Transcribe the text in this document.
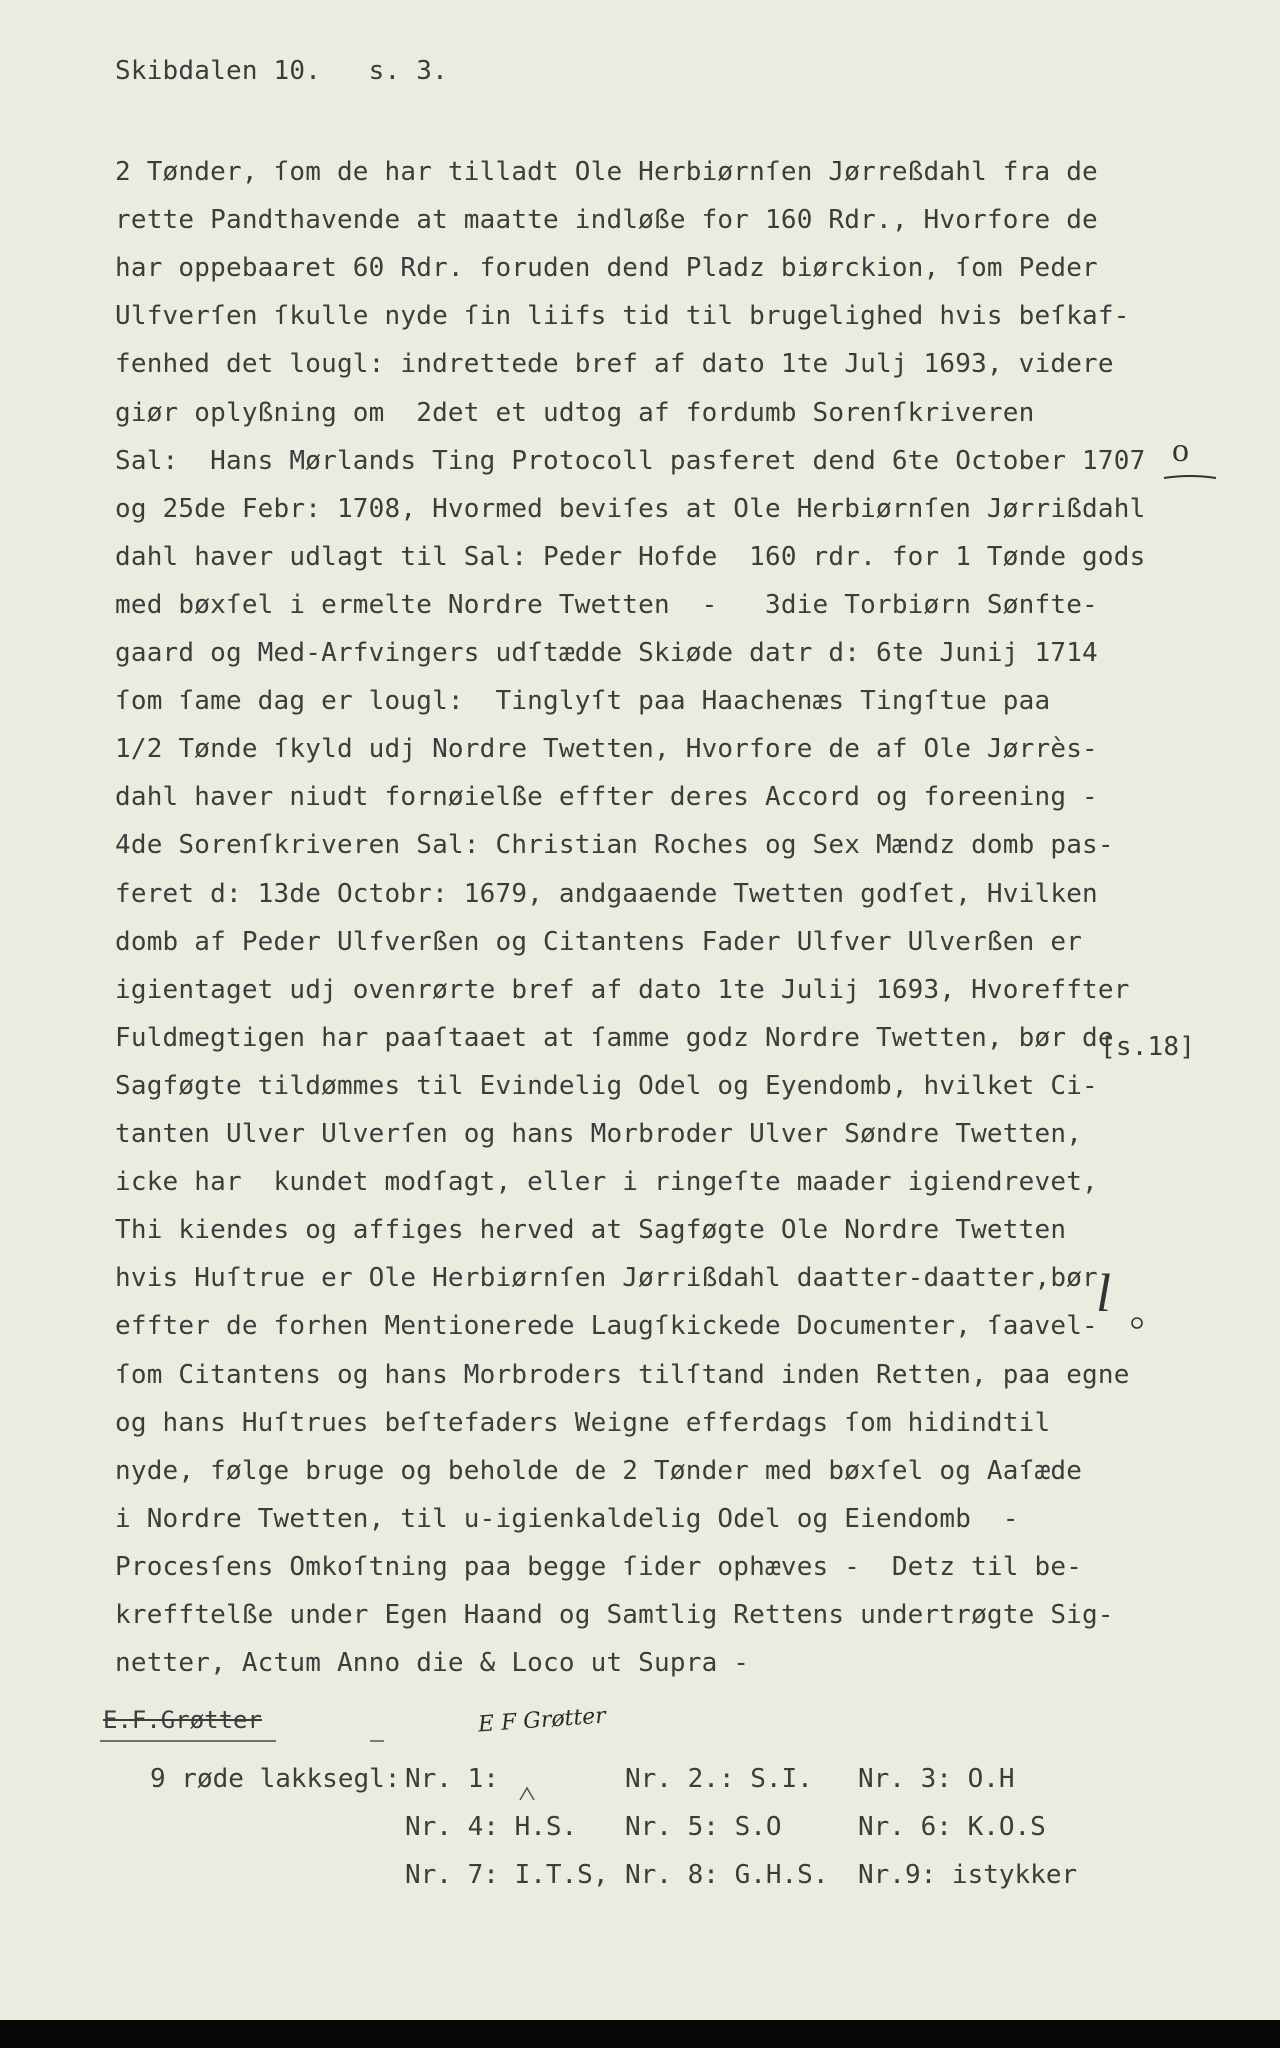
Skibdalen 10.   s. 3.
2 Tønder, ſom de har tilladt Ole Herbiørnſen Jørreßdahl fra de
rette Pandthavende at maatte indløße for 160 Rdr., Hvorfore de
har oppebaaret 60 Rdr. foruden dend Pladz biørckion, ſom Peder
Ulfverſen ſkulle nyde ſin liifs tid til brugelighed hvis beſkaf-
fenhed det lougl: indrettede bref af dato 1te Julj 1693, videre
giør oplyßning om  2det et udtog af fordumb Sorenſkriveren
Sal:  Hans Mørlands Ting Protocoll pasferet dend 6te October 1707
og 25de Febr: 1708, Hvormed beviſes at Ole Herbiørnſen Jørrißdahl
dahl haver udlagt til Sal: Peder Hofde  160 rdr. for 1 Tønde gods
med bøxſel i ermelte Nordre Twetten  -   3die Torbiørn Sønfte-
gaard og Med-Arfvingers udſtædde Skiøde datr d: 6te Junij 1714
ſom ſame dag er lougl:  Tinglyſt paa Haachenæs Tingſtue paa
1/2 Tønde ſkyld udj Nordre Twetten, Hvorfore de af Ole Jørrès-
dahl haver niudt fornøielße effter deres Accord og foreening -
4de Sorenſkriveren Sal: Christian Roches og Sex Mændz domb pas-
feret d: 13de Octobr: 1679, andgaaende Twetten godſet, Hvilken
domb af Peder Ulfverßen og Citantens Fader Ulfver Ulverßen er
igientaget udj ovenrørte bref af dato 1te Julij 1693, Hvoreffter
Fuldmegtigen har paaſtaaet at ſamme godz Nordre Twetten, bør de
Sagføgte tildømmes til Evindelig Odel og Eyendomb, hvilket Ci-
tanten Ulver Ulverſen og hans Morbroder Ulver Søndre Twetten,
icke har  kundet modſagt, eller i ringeſte maader igiendrevet,
Thi kiendes og affiges herved at Sagføgte Ole Nordre Twetten
hvis Huſtrue er Ole Herbiørnſen Jørrißdahl daatter-daatter,bør
effter de forhen Mentionerede Laugſkickede Documenter, ſaavel-
ſom Citantens og hans Morbroders tilſtand inden Retten, paa egne
og hans Huſtrues beſtefaders Weigne efferdags ſom hidindtil
nyde, følge bruge og beholde de 2 Tønder med bøxſel og Aaſæde
i Nordre Twetten, til u-igienkaldelig Odel og Eiendomb  -
Procesſens Omkoſtning paa begge ſider ophæves -  Detz til be-
krefftelße under Egen Haand og Samtlig Rettens undertrøgte Sig-
netter, Actum Anno die & Loco ut Supra -
o
[s.18]
l
E.F.Grøtter	E F Grøtter
9 røde lakksegl: Nr. 1:	Nr. 2.: S.I. Nr. 3: O.H
Nr. 4: H.S. Nr. 5: S.O	Nr. 6: K.O.S
Nr. 7: I.T.S, Nr. 8: G.H.S. Nr.9: istykker
